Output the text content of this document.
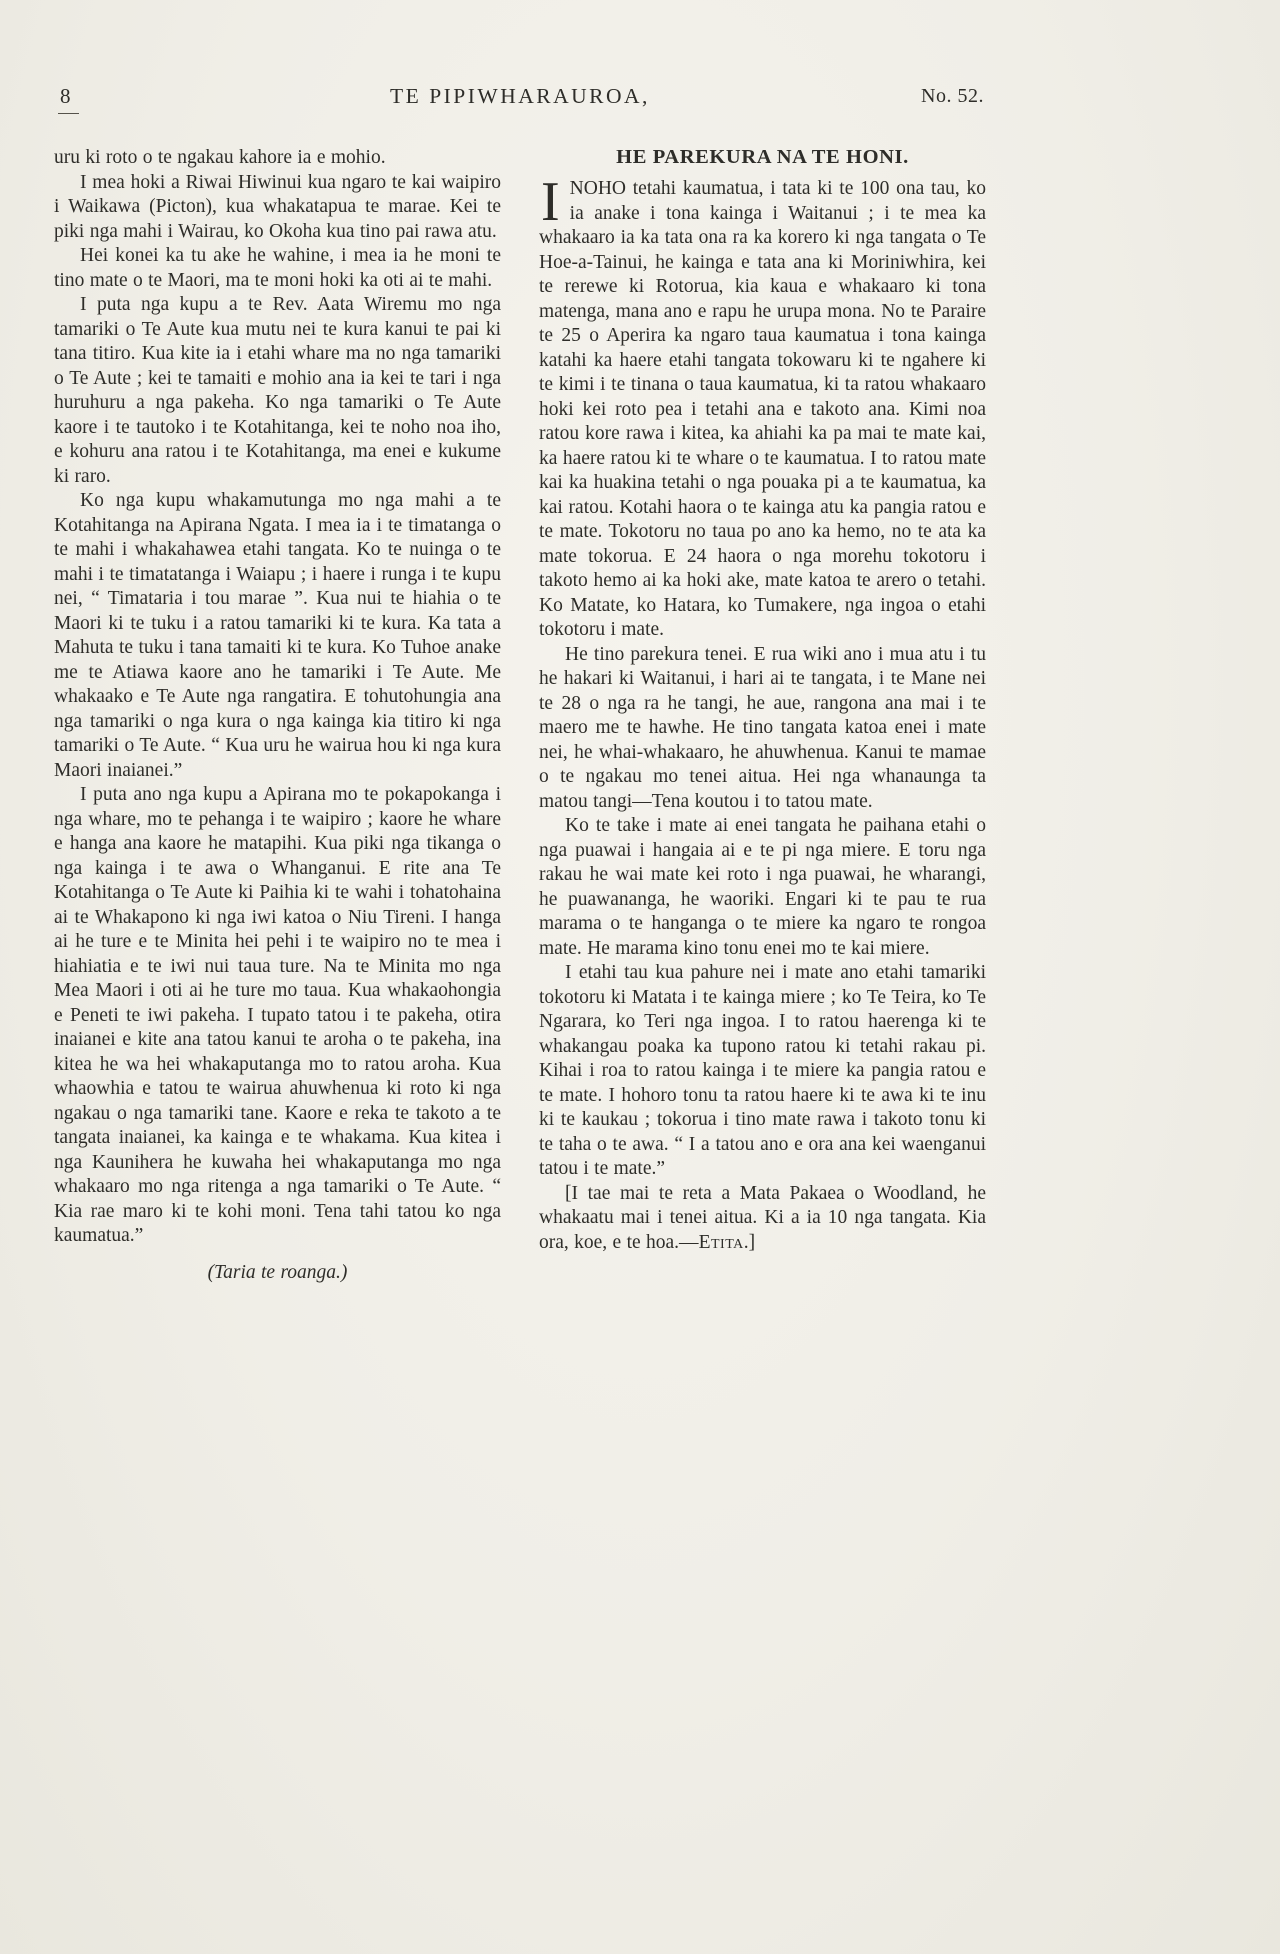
8	TE PIPIWHARAUROA,	No. 52.

uru ki roto o te ngakau kahore ia e mohio.

I mea hoki a Riwai Hiwinui kua ngaro te kai waipiro i Waikawa (Picton), kua whakatapua te marae. Kei te piki nga mahi i Wairau, ko Okoha kua tino pai rawa atu.

Hei konei ka tu ake he wahine, i mea ia he moni te tino mate o te Maori, ma te moni hoki ka oti ai te mahi.

I puta nga kupu a te Rev. Aata Wiremu mo nga tamariki o Te Aute kua mutu nei te kura kanui te pai ki tana titiro. Kua kite ia i etahi whare ma no nga tamariki o Te Aute ; kei te tamaiti e mohio ana ia kei te tari i nga huruhuru a nga pakeha. Ko nga tamariki o Te Aute kaore i te tautoko i te Kotahitanga, kei te noho noa iho, e kohuru ana ratou i te Kotahitanga, ma enei e kukume ki raro.

Ko nga kupu whakamutunga mo nga mahi a te Kotahitanga na Apirana Ngata. I mea ia i te timatanga o te mahi i whakahawea etahi tangata. Ko te nuinga o te mahi i te timatatanga i Waiapu ; i haere i runga i te kupu nei, “ Timataria i tou marae ”. Kua nui te hiahia o te Maori ki te tuku i a ratou tamariki ki te kura. Ka tata a Mahuta te tuku i tana tamaiti ki te kura. Ko Tuhoe anake me te Atiawa kaore ano he tamariki i Te Aute. Me whakaako e Te Aute nga rangatira. E tohutohungia ana nga tamariki o nga kura o nga kainga kia titiro ki nga tamariki o Te Aute. “ Kua uru he wairua hou ki nga kura Maori inaianei.”

I puta ano nga kupu a Apirana mo te pokapokanga i nga whare, mo te pehanga i te waipiro ; kaore he whare e hanga ana kaore he matapihi. Kua piki nga tikanga o nga kainga i te awa o Whanganui. E rite ana Te Kotahitanga o Te Aute ki Paihia ki te wahi i tohatohaina ai te Whakapono ki nga iwi katoa o Niu Tireni. I hanga ai he ture e te Minita hei pehi i te waipiro no te mea i hiahiatia e te iwi nui taua ture. Na te Minita mo nga Mea Maori i oti ai he ture mo taua. Kua whakaohongia e Peneti te iwi pakeha. I tupato tatou i te pakeha, otira inaianei e kite ana tatou kanui te aroha o te pakeha, ina kitea he wa hei whakaputanga mo to ratou aroha. Kua whaowhia e tatou te wairua ahuwhenua ki roto ki nga ngakau o nga tamariki tane. Kaore e reka te takoto a te tangata inaianei, ka kainga e te whakama. Kua kitea i nga Kaunihera he kuwaha hei whakaputanga mo nga whakaaro mo nga ritenga a nga tamariki o Te Aute. “ Kia rae maro ki te kohi moni. Tena tahi tatou ko nga kaumatua.”

(Taria te roanga.)

HE PAREKURA NA TE HONI.

INOHO tetahi kaumatua, i tata ki te 100 ona tau, ko ia anake i tona kainga i Waitanui ; i te mea ka whakaaro ia ka tata ona ra ka korero ki nga tangata o Te Hoe-a-Tainui, he kainga e tata ana ki Moriniwhira, kei te rerewe ki Rotorua, kia kaua e whakaaro ki tona matenga, mana ano e rapu he urupa mona. No te Paraire te 25 o Aperira ka ngaro taua kaumatua i tona kainga katahi ka haere etahi tangata tokowaru ki te ngahere ki te kimi i te tinana o taua kaumatua, ki ta ratou whakaaro hoki kei roto pea i tetahi ana e takoto ana. Kimi noa ratou kore rawa i kitea, ka ahiahi ka pa mai te mate kai, ka haere ratou ki te whare o te kaumatua. I to ratou mate kai ka huakina tetahi o nga pouaka pi a te kaumatua, ka kai ratou. Kotahi haora o te kainga atu ka pangia ratou e te mate. Tokotoru no taua po ano ka hemo, no te ata ka mate tokorua. E 24 haora o nga morehu tokotoru i takoto hemo ai ka hoki ake, mate katoa te arero o tetahi. Ko Matate, ko Hatara, ko Tumakere, nga ingoa o etahi tokotoru i mate.

He tino parekura tenei. E rua wiki ano i mua atu i tu he hakari ki Waitanui, i hari ai te tangata, i te Mane nei te 28 o nga ra he tangi, he aue, rangona ana mai i te maero me te hawhe. He tino tangata katoa enei i mate nei, he whai-whakaaro, he ahuwhenua. Kanui te mamae o te ngakau mo tenei aitua. Hei nga whanaunga ta matou tangi—Tena koutou i to tatou mate.

Ko te take i mate ai enei tangata he paihana etahi o nga puawai i hangaia ai e te pi nga miere. E toru nga rakau he wai mate kei roto i nga puawai, he wharangi, he puawananga, he waoriki. Engari ki te pau te rua marama o te hanganga o te miere ka ngaro te rongoa mate. He marama kino tonu enei mo te kai miere.

I etahi tau kua pahure nei i mate ano etahi tamariki tokotoru ki Matata i te kainga miere ; ko Te Teira, ko Te Ngarara, ko Teri nga ingoa. I to ratou haerenga ki te whakangau poaka ka tupono ratou ki tetahi rakau pi. Kihai i roa to ratou kainga i te miere ka pangia ratou e te mate. I hohoro tonu ta ratou haere ki te awa ki te inu ki te kaukau ; tokorua i tino mate rawa i takoto tonu ki te taha o te awa. “ I a tatou ano e ora ana kei waenganui tatou i te mate.”

[I tae mai te reta a Mata Pakaea o Woodland, he whakaatu mai i tenei aitua. Ki a ia 10 nga tangata. Kia ora, koe, e te hoa.—Etita.]
